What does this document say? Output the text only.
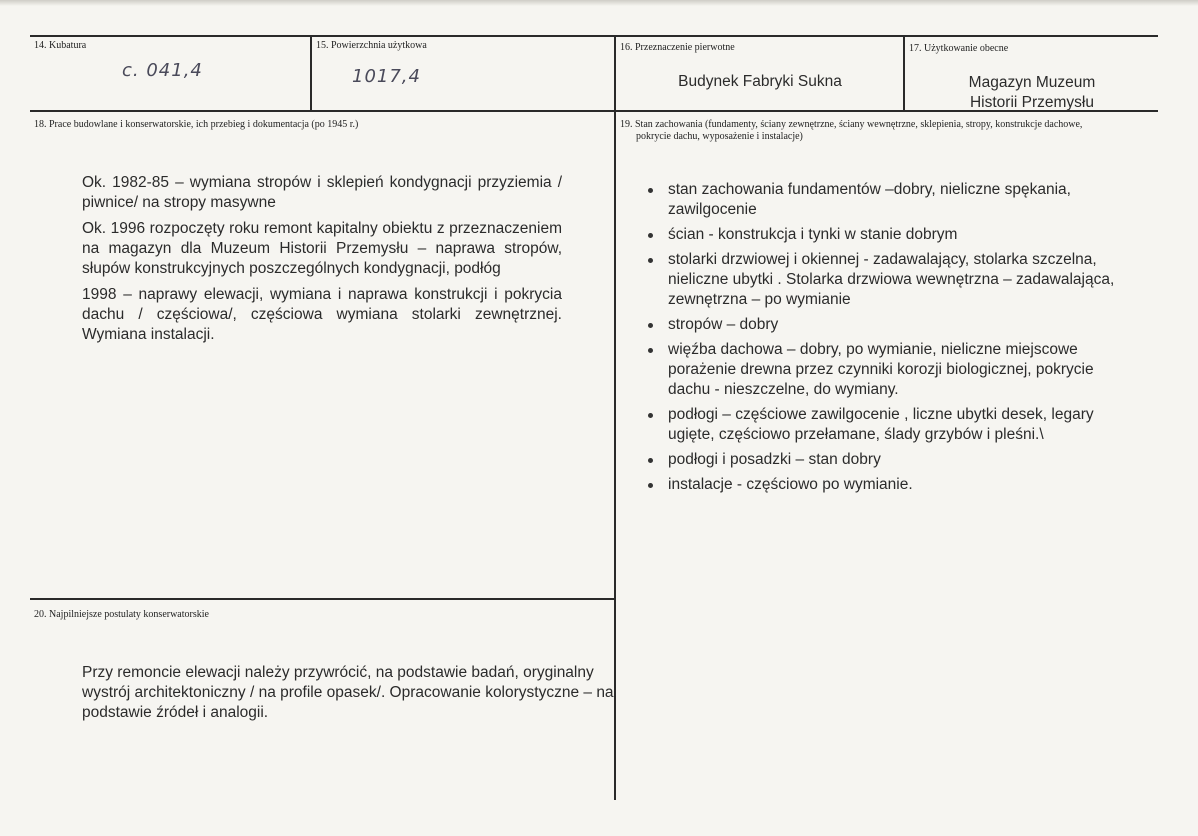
14. Kubatura
c. 041,4
15. Powierzchnia użytkowa
1017,4
16. Przeznaczenie pierwotne
Budynek Fabryki Sukna
17. Użytkowanie obecne
Magazyn Muzeum
Historii Przemysłu
18. Prace budowlane i konserwatorskie, ich przebieg i dokumentacja (po 1945 r.)

Ok. 1982-85 – wymiana stropów i sklepień kondygnacji przyziemia / piwnice/ na stropy masywne

Ok. 1996 rozpoczęty roku remont kapitalny obiektu z przeznaczeniem na magazyn dla Muzeum Historii Przemysłu – naprawa stropów, słupów konstrukcyjnych poszczególnych kondygnacji, podłóg

1998 – naprawy elewacji, wymiana i naprawa konstrukcji i pokrycia dachu / częściowa/, częściowa wymiana stolarki zewnętrznej. Wymiana instalacji.

19. Stan zachowania (fundamenty, ściany zewnętrzne, ściany wewnętrzne, sklepienia, stropy, konstrukcje dachowe,
pokrycie dachu, wyposażenie i instalacje)
stan zachowania fundamentów –dobry, nieliczne spękania, zawilgocenie
ścian - konstrukcja i tynki w stanie dobrym
stolarki drzwiowej i okiennej - zadawalający, stolarka szczelna, nieliczne ubytki . Stolarka drzwiowa wewnętrzna – zadawalająca, zewnętrzna – po wymianie
stropów – dobry
więźba dachowa – dobry, po wymianie, nieliczne miejscowe porażenie drewna przez czynniki korozji biologicznej, pokrycie dachu - nieszczelne, do wymiany.
podłogi – częściowe zawilgocenie , liczne ubytki desek, legary ugięte, częściowo przełamane, ślady grzybów i pleśni.\
podłogi i posadzki – stan dobry
instalacje - częściowo po wymianie.
20. Najpilniejsze postulaty konserwatorskie
Przy remoncie elewacji należy przywrócić, na podstawie badań, oryginalny wystrój architektoniczny / na profile opasek/. Opracowanie kolorystyczne – na podstawie źródeł i analogii.
